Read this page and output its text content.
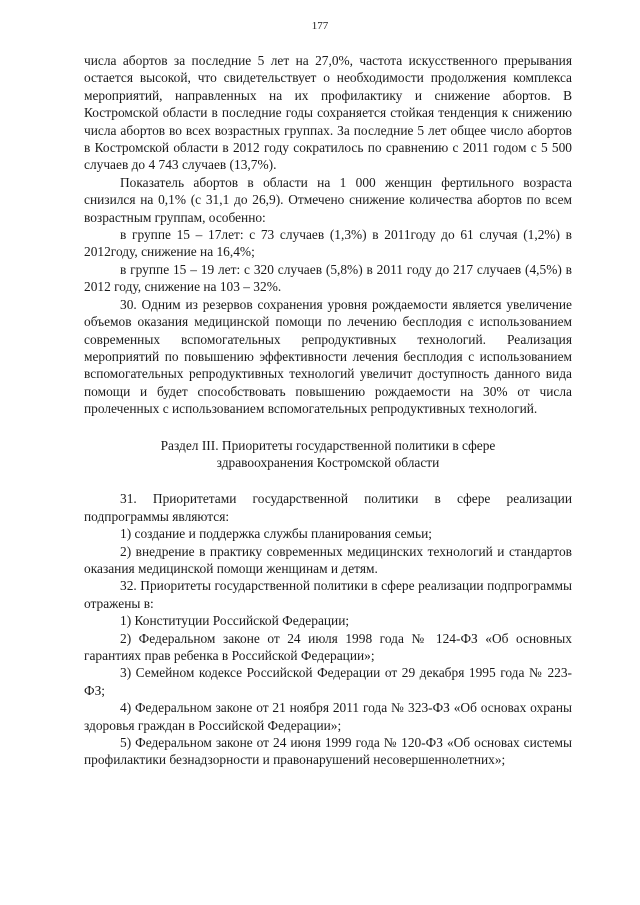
177

числа абортов за последние 5 лет на 27,0%, частота искусственного прерывания остается высокой, что свидетельствует о необходимости продолжения комплекса мероприятий, направленных на их профилактику и снижение абортов. В Костромской области в последние годы сохраняется стойкая тенденция к снижению числа абортов во всех возрастных группах. За последние 5 лет общее число абортов в Костромской области в 2012 году сократилось по сравнению с 2011 годом с 5 500 случаев до 4 743 случаев (13,7%).

Показатель абортов в области на 1 000 женщин фертильного возраста снизился на 0,1% (с 31,1 до 26,9). Отмечено снижение количества абортов по всем возрастным группам, особенно:

в группе 15 – 17лет: с 73 случаев (1,3%) в 2011году до 61 случая (1,2%) в 2012году, снижение на 16,4%;

в группе 15 – 19 лет: с 320 случаев (5,8%) в 2011 году до 217 случаев (4,5%) в 2012 году, снижение на 103 – 32%.

30. Одним из резервов сохранения уровня рождаемости является увеличение объемов оказания медицинской помощи по лечению бесплодия с использованием современных вспомогательных репродуктивных технологий. Реализация мероприятий по повышению эффективности лечения бесплодия с использованием вспомогательных репродуктивных технологий увеличит доступность данного вида помощи и будет способствовать повышению рождаемости на 30% от числа пролеченных с использованием вспомогательных репродуктивных технологий.

Раздел III. Приоритеты государственной политики в сфере
здравоохранения Костромской области

31. Приоритетами государственной политики в сфере реализации подпрограммы являются:

1) создание и поддержка службы планирования семьи;

2) внедрение в практику современных медицинских технологий и стандартов оказания медицинской помощи женщинам и детям.

32. Приоритеты государственной политики в сфере реализации подпрограммы отражены в:

1) Конституции Российской Федерации;

2) Федеральном законе от 24 июля 1998 года № 124-ФЗ «Об основных гарантиях прав ребенка в Российской Федерации»;

3) Семейном кодексе Российской Федерации от 29 декабря 1995 года № 223-ФЗ;

4) Федеральном законе от 21 ноября 2011 года № 323-ФЗ «Об основах охраны здоровья граждан в Российской Федерации»;

5) Федеральном законе от 24 июня 1999 года № 120-ФЗ «Об основах системы профилактики безнадзорности и правонарушений несовершеннолетних»;
